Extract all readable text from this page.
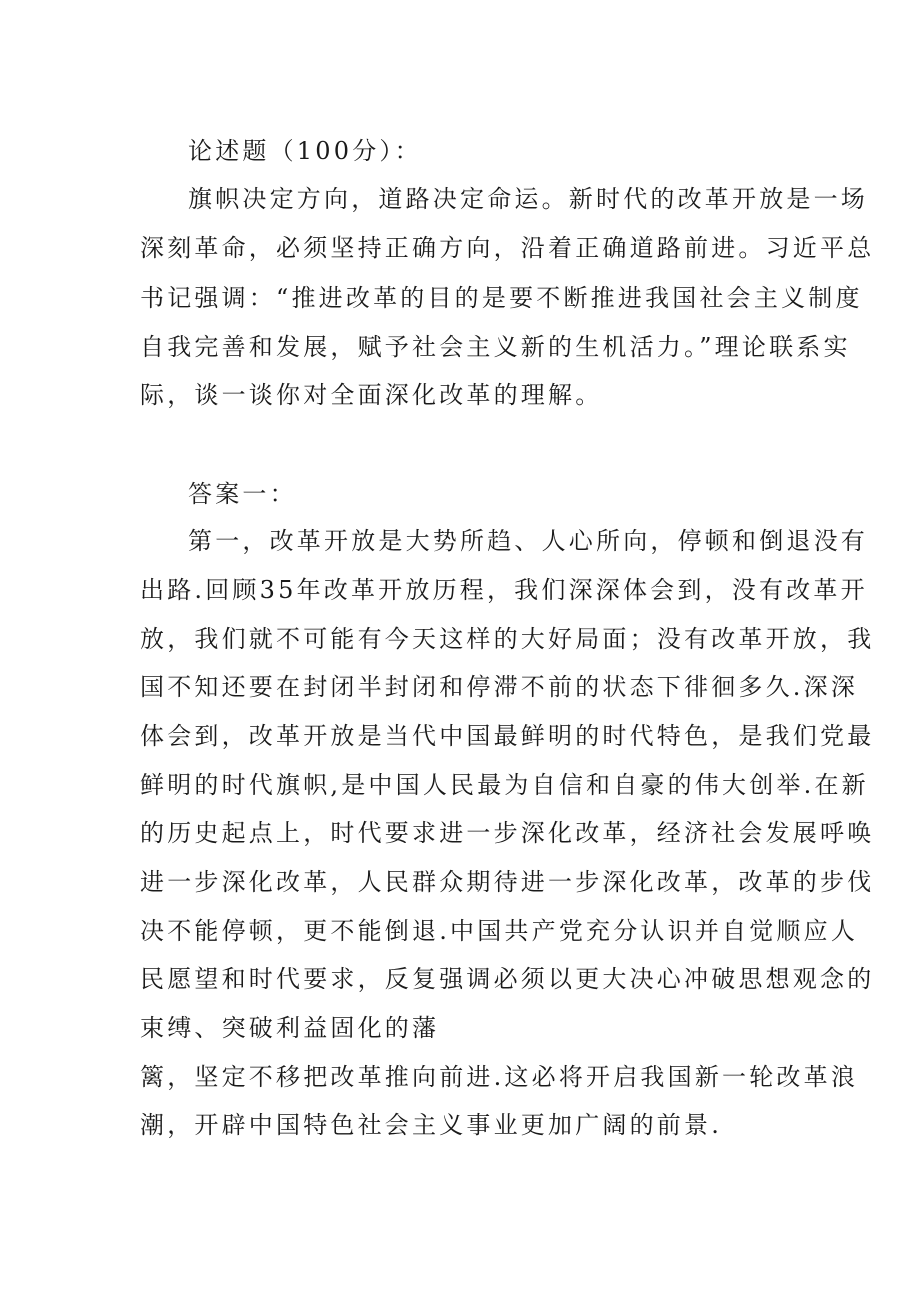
论述题（100分）：
旗帜决定方向，道路决定命运。新时代的改革开放是一场
深刻革命，必须坚持正确方向，沿着正确道路前进。习近平总
书记强调：“推进改革的目的是要不断推进我国社会主义制度
自我完善和发展，赋予社会主义新的生机活力。”理论联系实
际，谈一谈你对全面深化改革的理解。
答案一：
第一，改革开放是大势所趋、人心所向，停顿和倒退没有
出路.回顾35年改革开放历程，我们深深体会到，没有改革开
放，我们就不可能有今天这样的大好局面；没有改革开放，我
国不知还要在封闭半封闭和停滞不前的状态下徘徊多久.深深
体会到，改革开放是当代中国最鲜明的时代特色，是我们党最
鲜明的时代旗帜,是中国人民最为自信和自豪的伟大创举.在新
的历史起点上，时代要求进一步深化改革，经济社会发展呼唤
进一步深化改革，人民群众期待进一步深化改革，改革的步伐
决不能停顿，更不能倒退.中国共产党充分认识并自觉顺应人
民愿望和时代要求，反复强调必须以更大决心冲破思想观念的
束缚、突破利益固化的藩
篱，坚定不移把改革推向前进.这必将开启我国新一轮改革浪
潮，开辟中国特色社会主义事业更加广阔的前景.
